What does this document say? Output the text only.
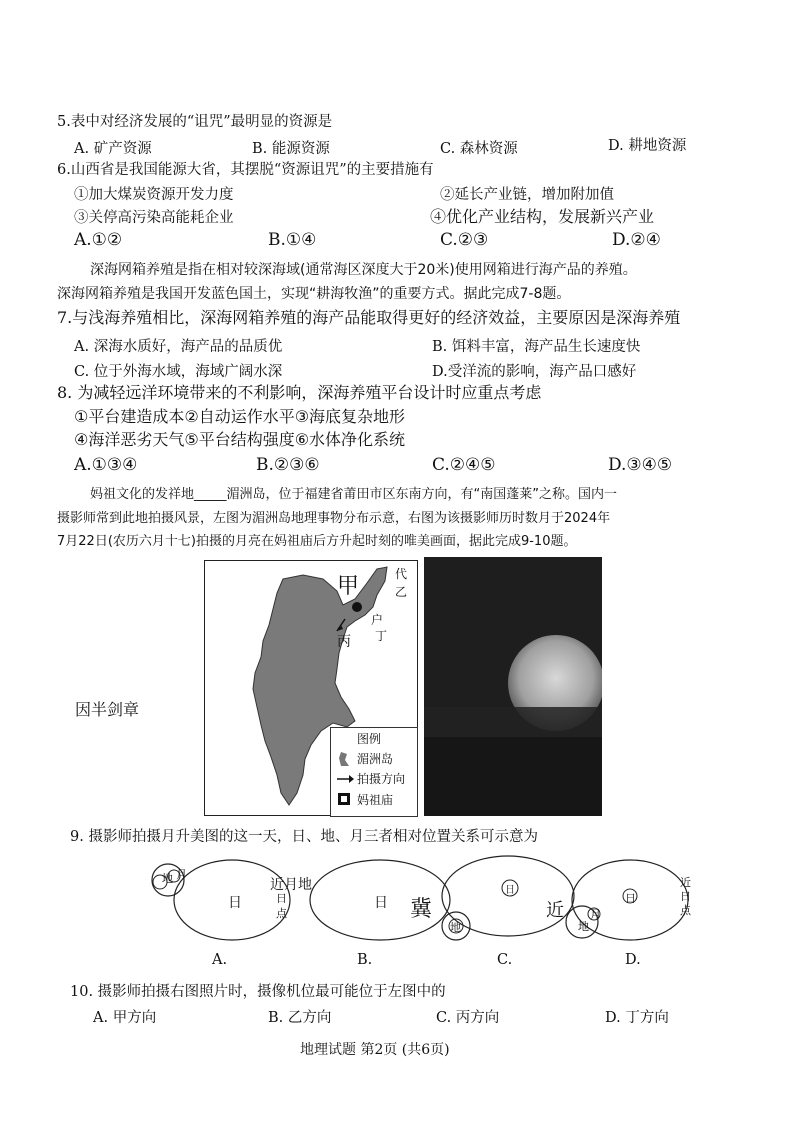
5.表中对经济发展的“诅咒”最明显的资源是
A. 矿产资源	B. 能源资源	C. 森林资源	D. 耕地资源
6.山西省是我国能源大省，其摆脱“资源诅咒”的主要措施有
①加大煤炭资源开发力度	②延长产业链，增加附加值
③关停高污染高能耗企业	④优化产业结构，发展新兴产业
A.①②	B.①④	C.②③	D.②④
深海网箱养殖是指在相对较深海域(通常海区深度大于20米)使用网箱进行海产品的养殖。
深海网箱养殖是我国开发蓝色国土，实现“耕海牧渔”的重要方式。据此完成7-8题。
7.与浅海养殖相比，深海网箱养殖的海产品能取得更好的经济效益，主要原因是深海养殖
A. 深海水质好，海产品的品质优	B. 饵料丰富，海产品生长速度快
C. 位于外海水域，海域广阔水深	D.受洋流的影响，海产品口感好
8. 为减轻远洋环境带来的不利影响，深海养殖平台设计时应重点考虑
①平台建造成本②自动运作水平③海底复杂地形
④海洋恶劣天气⑤平台结构强度⑥水体净化系统
A.①③④	B.②③⑥	C.②④⑤	D.③④⑤
妈祖文化的发祥地_____湄洲岛，位于福建省莆田市区东南方向，有“南国蓬莱”之称。国内一
摄影师常到此地拍摄风景，左图为湄洲岛地理事物分布示意，右图为该摄影师历时数月于2024年
7月22日(农历六月十七)拍摄的月亮在妈祖庙后方升起时刻的唯美画面，据此完成9-10题。
因半剑章
甲	代
乙
丙
户
丁
图例
湄洲岛
拍摄方向
妈祖庙
9. 摄影师拍摄月升美图的这一天，日、地、月三者相对位置关系可示意为
地 月
日
近月地
日
点
日 冀
日
地
近 月
地
日
近
日
点
A.	B.	C.	D.
10. 摄影师拍摄右图照片时，摄像机位最可能位于左图中的
A. 甲方向	B. 乙方向	C. 丙方向	D. 丁方向
地理试题 第2页 (共6页)
